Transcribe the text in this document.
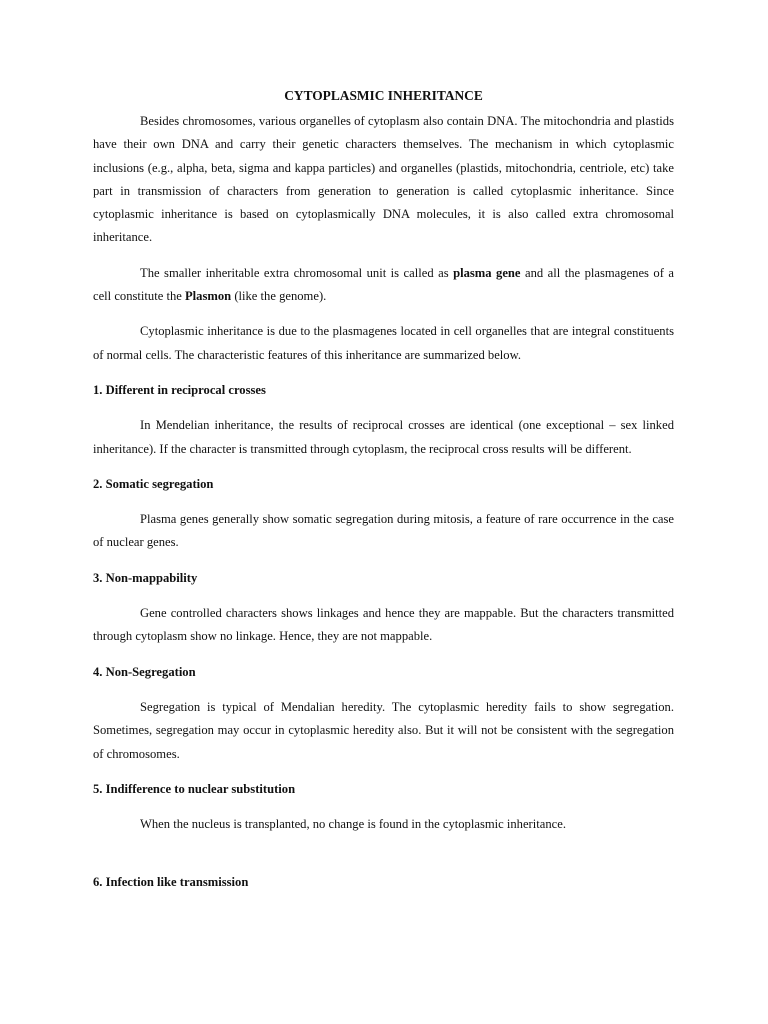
CYTOPLASMIC INHERITANCE

Besides chromosomes, various organelles of cytoplasm also contain DNA. The mitochondria and plastids have their own DNA and carry their genetic characters themselves. The mechanism in which cytoplasmic inclusions (e.g., alpha, beta, sigma and kappa particles) and organelles (plastids, mitochondria, centriole, etc) take part in transmission of characters from generation to generation is called cytoplasmic inheritance. Since cytoplasmic inheritance is based on cytoplasmically DNA molecules, it is also called extra chromosomal inheritance.

The smaller inheritable extra chromosomal unit is called as plasma gene and all the plasmagenes of a cell constitute the Plasmon (like the genome).

Cytoplasmic inheritance is due to the plasmagenes located in cell organelles that are integral constituents of normal cells. The characteristic features of this inheritance are summarized below.

1. Different in reciprocal crosses

In Mendelian inheritance, the results of reciprocal crosses are identical (one exceptional – sex linked inheritance). If the character is transmitted through cytoplasm, the reciprocal cross results will be different.

2. Somatic segregation

Plasma genes generally show somatic segregation during mitosis, a feature of rare occurrence in the case of nuclear genes.

3. Non-mappability

Gene controlled characters shows linkages and hence they are mappable. But the characters transmitted through cytoplasm show no linkage. Hence, they are not mappable.

4. Non-Segregation

Segregation is typical of Mendalian heredity. The cytoplasmic heredity fails to show segregation. Sometimes, segregation may occur in cytoplasmic heredity also. But it will not be consistent with the segregation of chromosomes.

5. Indifference to nuclear substitution

When the nucleus is transplanted, no change is found in the cytoplasmic inheritance.

6. Infection like transmission
